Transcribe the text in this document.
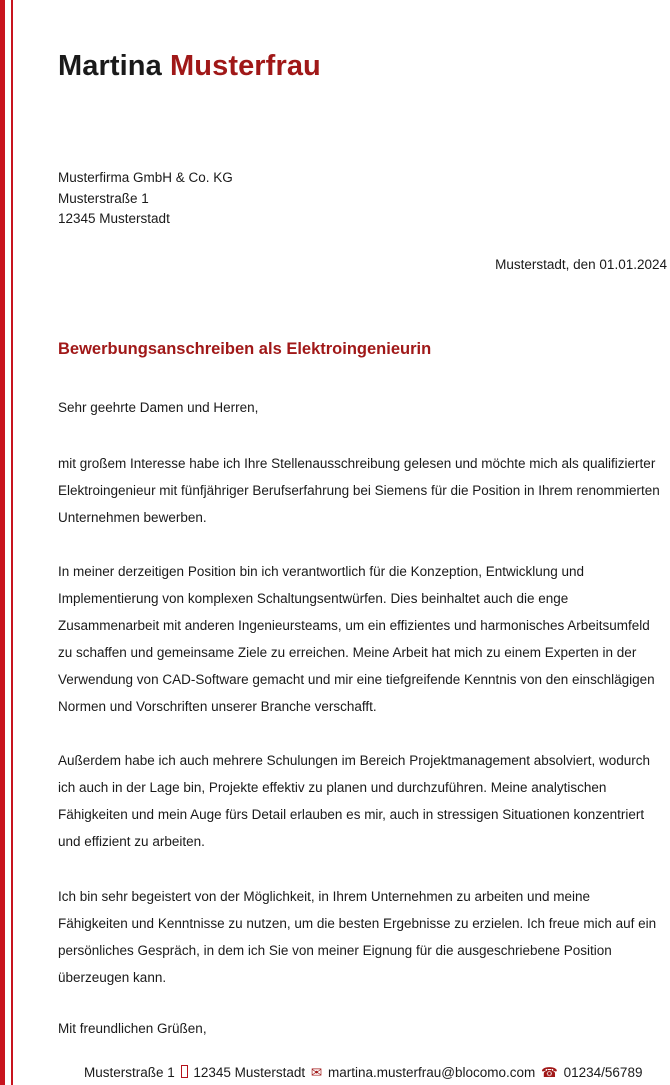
Martina Musterfrau
Musterfirma GmbH & Co. KG
Musterstraße 1
12345 Musterstadt
Musterstadt, den 01.01.2024
Bewerbungsanschreiben als Elektroingenieurin
Sehr geehrte Damen und Herren,

mit großem Interesse habe ich Ihre Stellenausschreibung gelesen und möchte mich als qualifizierter Elektroingenieur mit fünfjähriger Berufserfahrung bei Siemens für die Position in Ihrem renommierten Unternehmen bewerben.

In meiner derzeitigen Position bin ich verantwortlich für die Konzeption, Entwicklung und Implementierung von komplexen Schaltungsentwürfen. Dies beinhaltet auch die enge Zusammenarbeit mit anderen Ingenieursteams, um ein effizientes und harmonisches Arbeitsumfeld zu schaffen und gemeinsame Ziele zu erreichen. Meine Arbeit hat mich zu einem Experten in der Verwendung von CAD-Software gemacht und mir eine tiefgreifende Kenntnis von den einschlägigen Normen und Vorschriften unserer Branche verschafft.

Außerdem habe ich auch mehrere Schulungen im Bereich Projektmanagement absolviert, wodurch ich auch in der Lage bin, Projekte effektiv zu planen und durchzuführen. Meine analytischen Fähigkeiten und mein Auge fürs Detail erlauben es mir, auch in stressigen Situationen konzentriert und effizient zu arbeiten.

Ich bin sehr begeistert von der Möglichkeit, in Ihrem Unternehmen zu arbeiten und meine Fähigkeiten und Kenntnisse zu nutzen, um die besten Ergebnisse zu erzielen. Ich freue mich auf ein persönliches Gespräch, in dem ich Sie von meiner Eignung für die ausgeschriebene Position überzeugen kann.

Mit freundlichen Grüßen,
Musterstraße 1 12345 Musterstadt ✉ martina.musterfrau@blocomo.com ☎ 01234/56789
